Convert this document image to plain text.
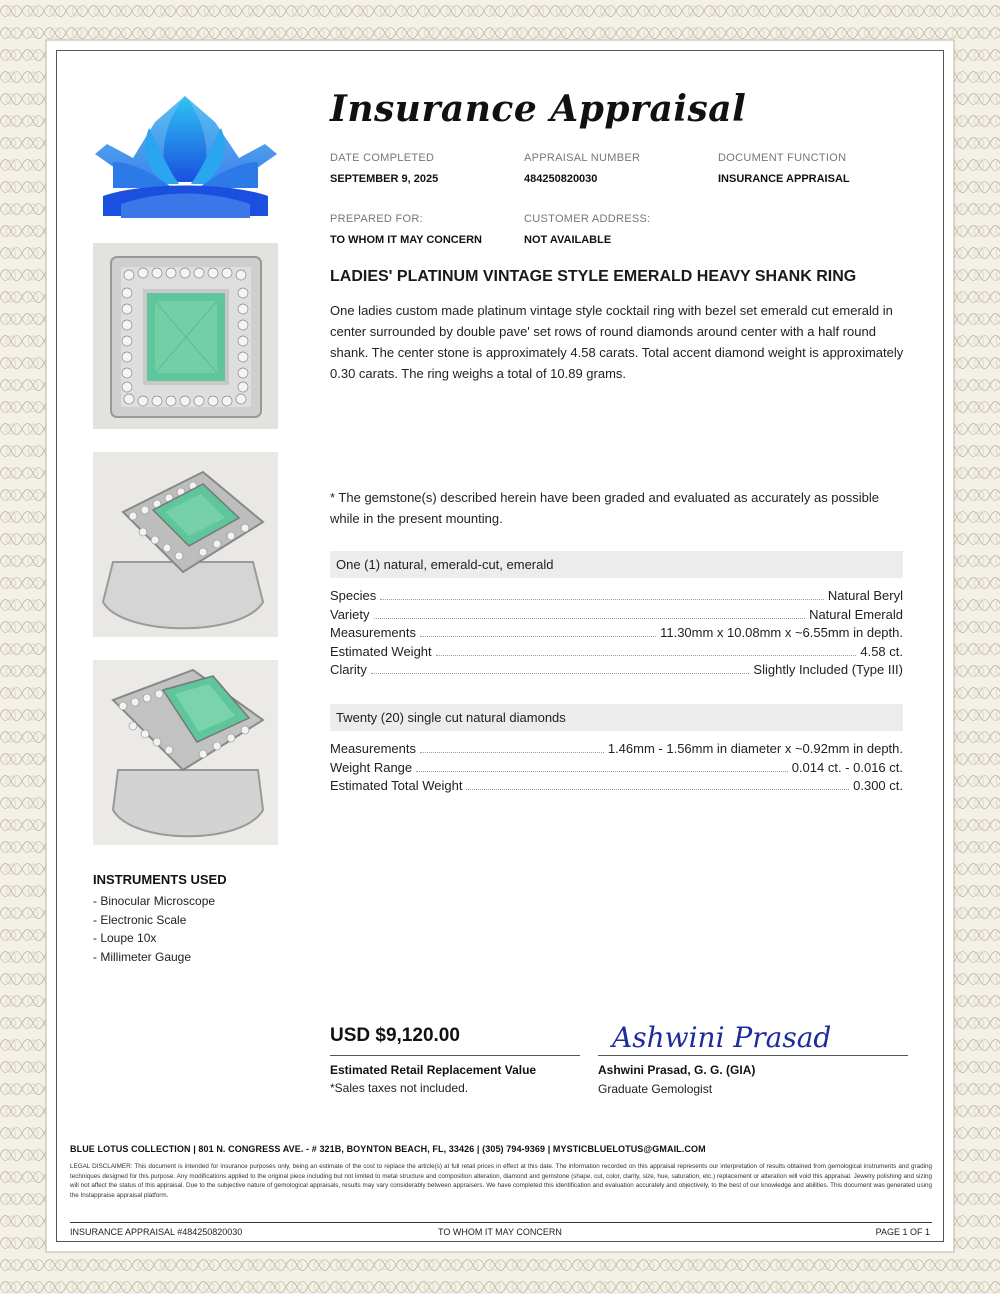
Insurance Appraisal
DATE COMPLETED
SEPTEMBER 9, 2025
APPRAISAL NUMBER
484250820030
DOCUMENT FUNCTION
INSURANCE APPRAISAL
PREPARED FOR:
TO WHOM IT MAY CONCERN
CUSTOMER ADDRESS:
NOT AVAILABLE
LADIES' PLATINUM VINTAGE STYLE EMERALD HEAVY SHANK RING
One ladies custom made platinum vintage style cocktail ring with bezel set emerald cut emerald in center surrounded by double pave' set rows of round diamonds around center with a half round shank. The center stone is approximately 4.58 carats. Total accent diamond weight is approximately 0.30 carats. The ring weighs a total of 10.89 grams.
* The gemstone(s) described herein have been graded and evaluated as accurately as possible while in the present mounting.
One (1) natural, emerald-cut, emerald
Species	Natural Beryl
Variety	Natural Emerald
Measurements	11.30mm x 10.08mm x ~6.55mm in depth.
Estimated Weight	4.58 ct.
Clarity	Slightly Included (Type III)
Twenty (20) single cut natural diamonds
Measurements	1.46mm - 1.56mm in diameter x ~0.92mm in depth.
Weight Range	0.014 ct. - 0.016 ct.
Estimated Total Weight	0.300 ct.
INSTRUMENTS USED
- Binocular Microscope
- Electronic Scale
- Loupe 10x
- Millimeter Gauge
USD $9,120.00
Estimated Retail Replacement Value
*Sales taxes not included.
Ashwini Prasad
Ashwini Prasad, G. G. (GIA)
Graduate Gemologist
BLUE LOTUS COLLECTION | 801 N. CONGRESS AVE. - # 321B, BOYNTON BEACH, FL, 33426 | (305) 794-9369 | MYSTICBLUELOTUS@GMAIL.COM
LEGAL DISCLAIMER: This document is intended for insurance purposes only, being an estimate of the cost to replace the article(s) at full retail prices in effect at this date. The information recorded on this appraisal represents our interpretation of results obtained from gemological instruments and grading techniques designed for this purpose. Any modifications applied to the original piece including but not limited to metal structure and composition alteration, diamond and gemstone (shape, cut, color, clarity, size, hue, saturation, etc.) replacement or alteration will void this appraisal. Jewelry polishing and sizing will not affect the status of this appraisal. Due to the subjective nature of gemological appraisals, results may vary considerably between appraisers. We have completed this identification and evaluation accurately and objectively, to the best of our knowledge and abilities. This document was generated using the Instappraise appraisal platform.
INSURANCE APPRAISAL #484250820030	TO WHOM IT MAY CONCERN	PAGE 1 OF 1
